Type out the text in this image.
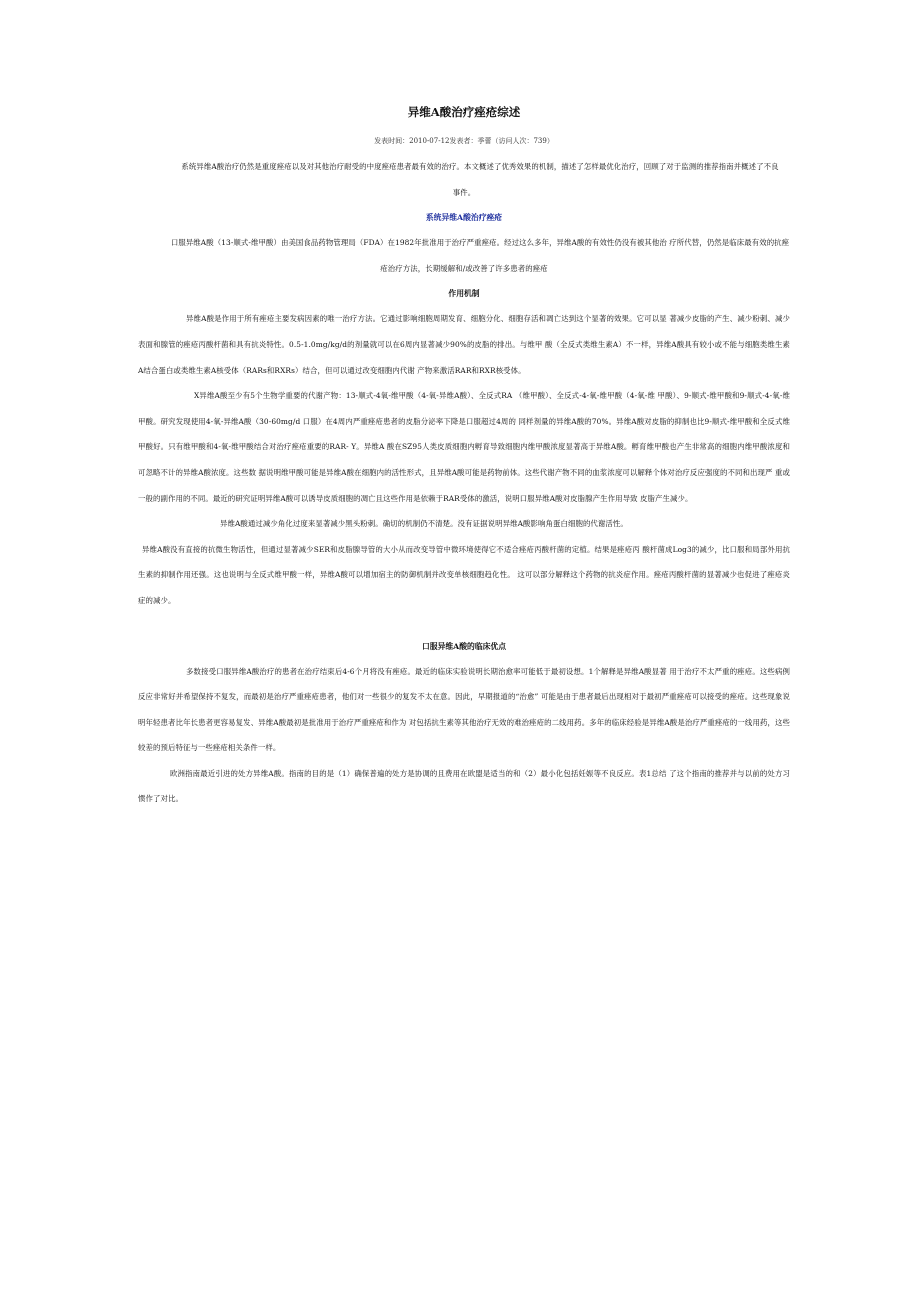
异维A酸治疗痤疮综述
发表时间：2010-07-12发表者：季蕾（访问人次：739）

系统异维A酸治疗仍然是重度痤疮以及对其他治疗耐受的中度痤疮患者最有效的治疗。本文概述了优秀效果的机制，描述了怎样最优化治疗，回顾了对于监测的推荐指南并概述了不良事件。

系统异维A酸治疗痤疮

口服异维A酸（13-顺式-维甲酸）由美国食品药物管理局（FDA）在1982年批准用于治疗严重痤疮。经过这么多年，异维A酸的有效性仍没有被其他治 疗所代替，仍然是临床最有效的抗痤疮治疗方法，长期缓解和/或改善了许多患者的痤疮

作用机制

异维A酸是作用于所有痤疮主要发病因素的唯一治疗方法。它通过影响细胞周期发育、细胞分化、细胞存活和凋亡达到这个显著的效果。它可以显 著减少皮脂的产生、减少粉刺、减少表面和腺管的痤疮丙酸杆菌和具有抗炎特性。0.5-1.0mg/kg/d的剂量就可以在6周内显著减少90%的皮脂的排出。与维甲 酸（全反式类维生素A）不一样，异维A酸具有较小或不能与细胞类维生素A结合蛋白或类维生素A核受体（RARs和RXRs）结合，但可以通过改变细胞内代谢 产物来激活RAR和RXR核受体。

X异维A酸至少有5个生物学重要的代谢产物：13-顺式-4氧-维甲酸（4-氧-异维A酸）、全反式RA （维甲酸）、全反式-4-氧-维甲酸（4-氧-维 甲酸）、9-顺式-维甲酸和9-顺式-4-氧-维甲酸。研究发现使用4-氧-异维A酸（30-60mg/d 口服）在4周内严重痤疮患者的皮脂分泌率下降是口服超过4周的 同样剂量的异维A酸的70%。异维A酸对皮脂的抑制也比9-顺式-维甲酸和全反式维甲酸好。只有维甲酸和4-氧-维甲酸结合对治疗痤疮重要的RAR- Y。异维A 酸在SZ95人类皮质细胞内孵育导致细胞内维甲酸浓度显著高于异维A酸。孵育维甲酸也产生非常高的细胞内维甲酸浓度和可忽略不计的异维A酸浓度。这些数 据说明维甲酸可能是异维A酸在细胞内的活性形式，且异维A酸可能是药物前体。这些代谢产物不同的血浆浓度可以解释个体对治疗反应强度的不同和出现严 重或一般的副作用的不同。最近的研究证明异维A酸可以诱导皮质细胞的凋亡且这些作用是依赖于RAR受体的激活，说明口服异维A酸对皮脂腺产生作用导致 皮脂产生减少。

异维A酸通过减少角化过度来显著减少黑头粉刺。确切的机制仍不清楚。没有证据说明异维A酸影响角蛋白细胞的代谢活性。

异维A酸没有直接的抗微生物活性，但通过显著减少SER和皮脂腺导管的大小从而改变导管中微环境使得它不适合痤疮丙酸杆菌的定植。结果是痤疮丙 酸杆菌成Log3的减少，比口服和局部外用抗生素的抑制作用还强。这也说明与全反式维甲酸一样，异维A酸可以增加宿主的防御机制并改变单核细胞趋化性。 这可以部分解释这个药物的抗炎症作用。痤疮丙酸杆菌的显著减少也促进了痤疮炎症的减少。

口服异维A酸的临床优点

多数接受口服异维A酸治疗的患者在治疗结束后4-6个月将没有痤疮。最近的临床实验说明长期治愈率可能低于最初设想。1个解释是异维A酸显著 用于治疗不太严重的痤疮。这些病例反应非常好并希望保持不复发，而最初是治疗严重痤疮患者，他们对一些很少的复发不太在意。因此，早期报道的“治愈” 可能是由于患者最后出现相对于最初严重痤疮可以接受的痤疮。这些现象说明年轻患者比年长患者更容易复发、异维A酸最初是批准用于治疗严重痤疮和作为 对包括抗生素等其他治疗无效的难治痤疮的二线用药。多年的临床经验是异维A酸是治疗严重痤疮的一线用药，这些较差的预后特征与一些痤疮相关条件一样。

欧洲指南最近引进的处方异维A酸。指南的目的是（1）确保普遍的处方是协调的且费用在欧盟是适当的和（2）最小化包括妊娠等不良反应。表1总结 了这个指南的推荐并与以前的处方习惯作了对比。
